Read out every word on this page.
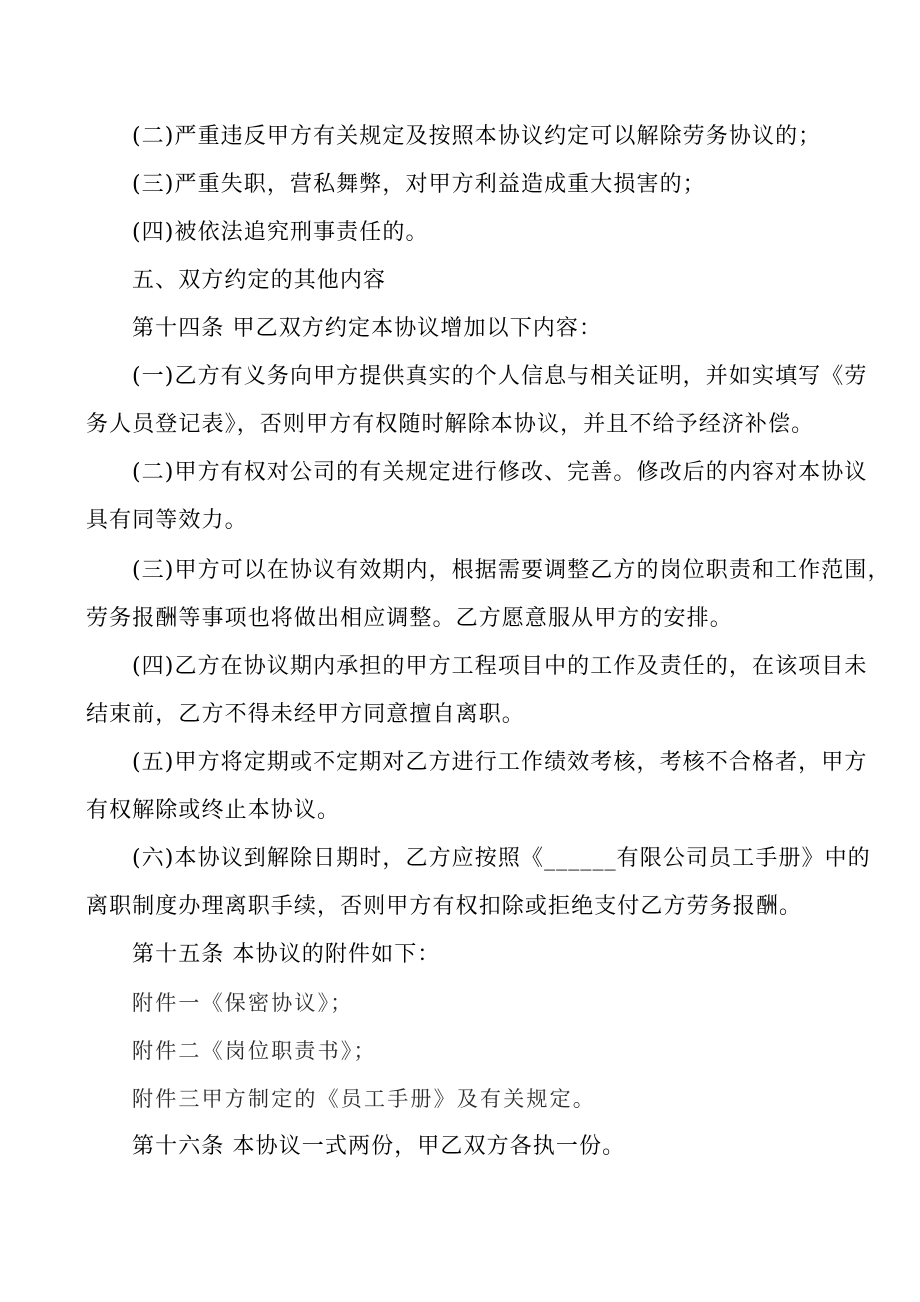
(二)严重违反甲方有关规定及按照本协议约定可以解除劳务协议的；
(三)严重失职，营私舞弊，对甲方利益造成重大损害的；
(四)被依法追究刑事责任的。
五、双方约定的其他内容
第十四条 甲乙双方约定本协议增加以下内容：
(一)乙方有义务向甲方提供真实的个人信息与相关证明，并如实填写《劳
务人员登记表》，否则甲方有权随时解除本协议，并且不给予经济补偿。
(二)甲方有权对公司的有关规定进行修改、完善。修改后的内容对本协议
具有同等效力。
(三)甲方可以在协议有效期内，根据需要调整乙方的岗位职责和工作范围，
劳务报酬等事项也将做出相应调整。乙方愿意服从甲方的安排。
(四)乙方在协议期内承担的甲方工程项目中的工作及责任的，在该项目未
结束前，乙方不得未经甲方同意擅自离职。
(五)甲方将定期或不定期对乙方进行工作绩效考核，考核不合格者，甲方
有权解除或终止本协议。
(六)本协议到解除日期时，乙方应按照《______有限公司员工手册》中的
离职制度办理离职手续，否则甲方有权扣除或拒绝支付乙方劳务报酬。
第十五条 本协议的附件如下：
附件一《保密协议》；
附件二《岗位职责书》；
附件三甲方制定的《员工手册》及有关规定。
第十六条 本协议一式两份，甲乙双方各执一份。
